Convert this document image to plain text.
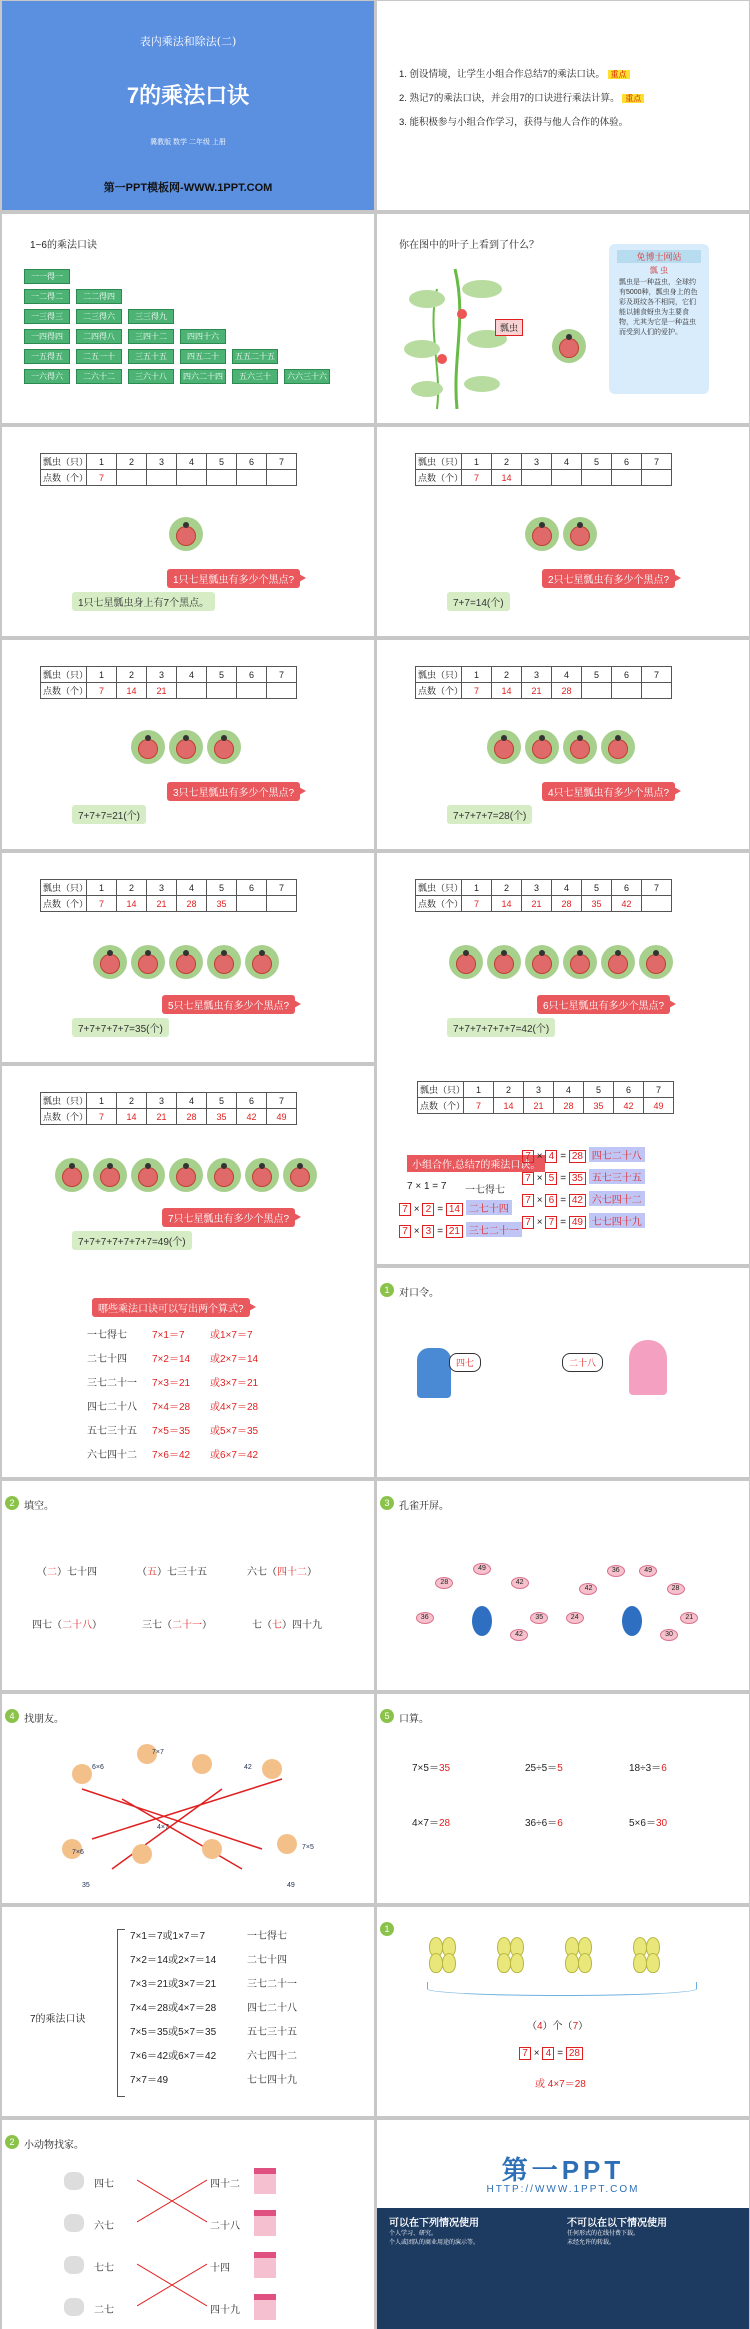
表内乘法和除法(二)
7的乘法口诀
冀教版 数学 二年级 上册
第一PPT模板网-WWW.1PPT.COM
1. 创设情境，让学生小组合作总结7的乘法口诀。 重点
2. 熟记7的乘法口诀，并会用7的口诀进行乘法计算。 重点
3. 能积极参与小组合作学习，获得与他人合作的体验。
1~6的乘法口诀
一一得一
一二得二	二二得四
一三得三	二三得六	三三得九
一四得四	二四得八	三四十二	四四十六
一五得五	二五一十	三五十五	四五二十	五五二十五
一六得六	二六十二	三六十八	四六二十四	五六三十	六六三十六
你在图中的叶子上看到了什么？
瓢虫
免博士网站
瓢 虫
瓢虫是一种益虫，全球约有5000种，瓢虫身上的色彩及斑纹各不相同，它们能以捕食蚜虫为主要食物，尤其为它是一种益虫而受到人们的爱护。
瓢虫（只）	1	2	3	4	5	6	7
点数（个）	7						
1只七星瓢虫有多少个黑点?
1只七星瓢虫身上有7个黑点。
瓢虫（只）	1	2	3	4	5	6	7
点数（个）	7	14					
2只七星瓢虫有多少个黑点?
7+7=14(个)
瓢虫（只）	1	2	3	4	5	6	7
点数（个）	7	14	21				
3只七星瓢虫有多少个黑点?
7+7+7=21(个)
瓢虫（只）	1	2	3	4	5	6	7
点数（个）	7	14	21	28			
4只七星瓢虫有多少个黑点?
7+7+7+7=28(个)
瓢虫（只）	1	2	3	4	5	6	7
点数（个）	7	14	21	28	35		
5只七星瓢虫有多少个黑点?
7+7+7+7+7=35(个)
瓢虫（只）	1	2	3	4	5	6	7
点数（个）	7	14	21	28	35	42	
6只七星瓢虫有多少个黑点?
7+7+7+7+7+7=42(个)
瓢虫（只）	1	2	3	4	5	6	7
点数（个）	7	14	21	28	35	42	49
7只七星瓢虫有多少个黑点?
7+7+7+7+7+7+7=49(个)
瓢虫（只）	1	2	3	4	5	6	7
点数（个）	7	14	21	28	35	42	49
小组合作,总结7的乘法口诀。
7 × 1 = 7 一七得七
7 × 2 = 14 二七十四
7 × 3 = 21 三七二十一
7 × 4 = 28 四七二十八
7 × 5 = 35 五七三十五
7 × 6 = 42 六七四十二
7 × 7 = 49 七七四十九
哪些乘法口诀可以写出两个算式?
一七得七	7×1＝7	或1×7＝7
二七十四	7×2＝14 或2×7＝14
三七二十一 7×3＝21 或3×7＝21
四七二十八 7×4＝28 或4×7＝28
五七三十五 7×5＝35 或5×7＝35
六七四十二 7×6＝42 或6×7＝42
1 对口令。
四七	二十八
2 填空。
（二）七十四	（五）七三十五	六七（四十二）
四七（二十八）	三七（二十一）	七（七）四十九
3 孔雀开屏。
36
28
49
42
35
42
24
42
36	49
28
21
30
4 找朋友。
6×6
7×7
42
4×7
7×5
7×6
35	49
5 口算。
7×5＝35	25÷5＝5	18÷3＝6
4×7＝28	36÷6＝6	5×6＝30
7的乘法口诀
7×1＝7或1×7＝7	一七得七
7×2＝14或2×7＝14	二七十四
7×3＝21或3×7＝21	三七二十一
7×4＝28或4×7＝28	四七二十八
7×5＝35或5×7＝35	五七三十五
7×6＝42或6×7＝42	六七四十二
7×7＝49	七七四十九
1
（4）个（7）
7 × 4 = 28
或 4×7＝28
2 小动物找家。
四七
六七
七七
二七
四十二
二十八
十四
四十九
第一PPT
HTTP://WWW.1PPT.COM
可以在下列情况使用	不可以在以下情况使用
个人学习、研究。
个人或团队的商业用途的演示等。
任何形式的在线付费下载。
未经允许的转载。
